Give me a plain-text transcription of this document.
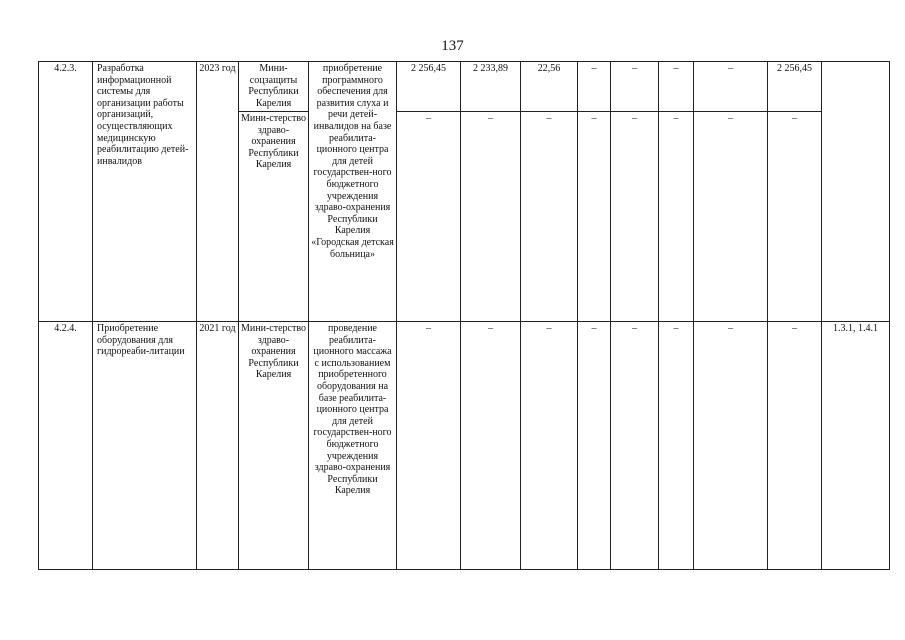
137
4.2.3.	Разработка информационной системы для организации работы организаций, осуществляющих медицинскую реабилитацию детей-инвалидов	2023 год	Мини-соцзащиты Республики Карелия	приобретение программного обеспечения для развития слуха и речи детей-инвалидов на базе реабилита-ционного центра для детей государствен-ного бюджетного учреждения здраво-охранения Республики Карелия «Городская детская больница»	2 256,45	2 233,89	22,56	–	–	–	–	2 256,45	
			Мини-стерство здраво-охранения Республики Карелия		–	–	–	–	–	–	–	–	
4.2.4.	Приобретение оборудования для гидрореаби-литации	2021 год	Мини-стерство здраво-охранения Республики Карелия	проведение реабилита-ционного массажа с использованием приобретенного оборудования на базе реабилита-ционного центра для детей государствен-ного бюджетного учреждения здраво-охранения Республики Карелия	–	–	–	–	–	–	–	–	1.3.1, 1.4.1
